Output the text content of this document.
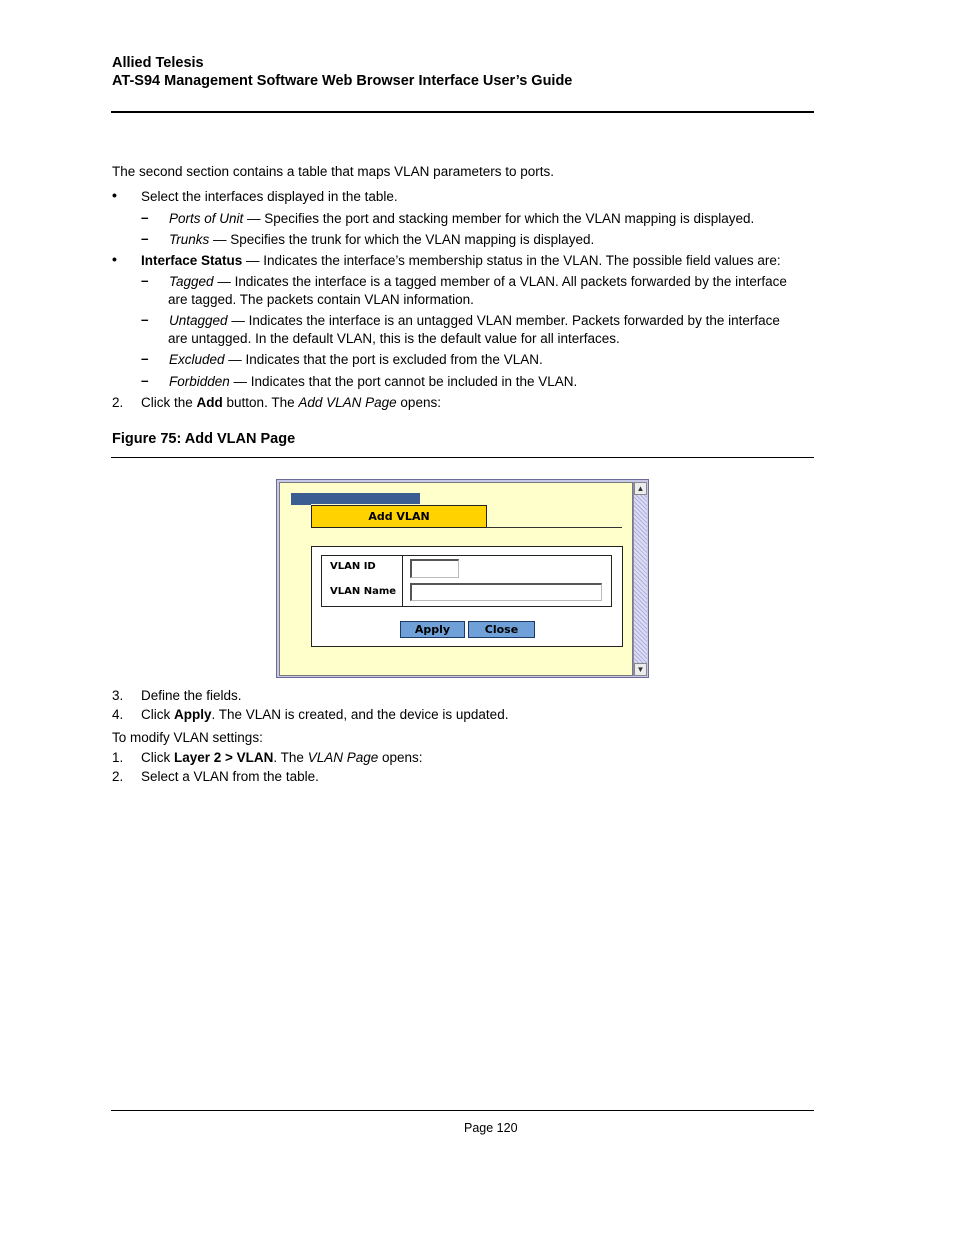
Allied Telesis
AT-S94 Management Software Web Browser Interface User’s Guide
The second section contains a table that maps VLAN parameters to ports.
• Select the interfaces displayed in the table.
– Ports of Unit — Specifies the port and stacking member for which the VLAN mapping is displayed.
– Trunks — Specifies the trunk for which the VLAN mapping is displayed.
• Interface Status — Indicates the interface’s membership status in the VLAN. The possible field values are:
– Tagged — Indicates the interface is a tagged member of a VLAN. All packets forwarded by the interface
are tagged. The packets contain VLAN information.
– Untagged — Indicates the interface is an untagged VLAN member. Packets forwarded by the interface
are untagged. In the default VLAN, this is the default value for all interfaces.
– Excluded — Indicates that the port is excluded from the VLAN.
– Forbidden — Indicates that the port cannot be included in the VLAN.
2. Click the Add button. The Add VLAN Page opens:
Figure 75: Add VLAN Page
Add VLAN
VLAN ID
VLAN Name
Apply	Close
▲
▼
3. Define the fields.
4. Click Apply. The VLAN is created, and the device is updated.
To modify VLAN settings:
1. Click Layer 2 > VLAN. The VLAN Page opens:
2. Select a VLAN from the table.
Page 120
